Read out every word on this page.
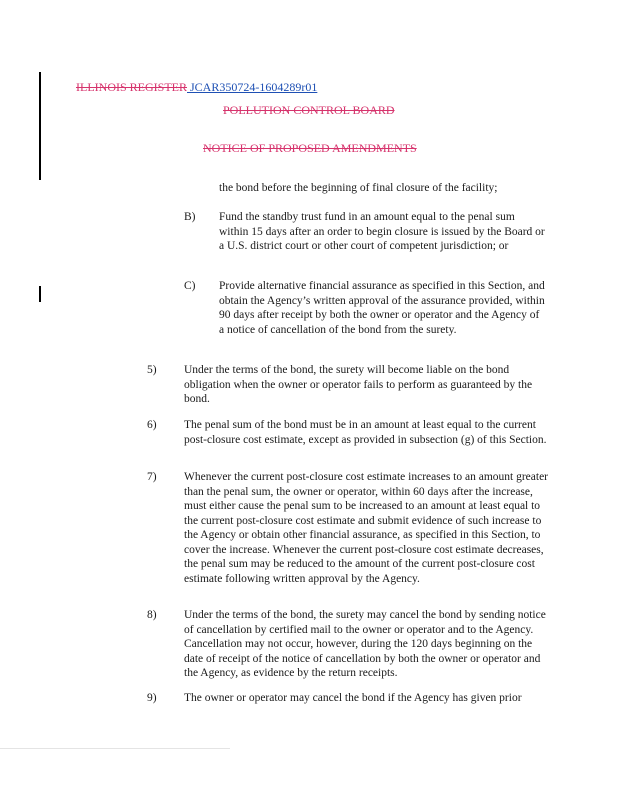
ILLINOIS REGISTER JCAR350724-1604289r01
POLLUTION CONTROL BOARD
NOTICE OF PROPOSED AMENDMENTS
the bond before the beginning of final closure of the facility;
B) Fund the standby trust fund in an amount equal to the penal sum within 15 days after an order to begin closure is issued by the Board or a U.S. district court or other court of competent jurisdiction; or
C) Provide alternative financial assurance as specified in this Section, and obtain the Agency’s written approval of the assurance provided, within 90 days after receipt by both the owner or operator and the Agency of a notice of cancellation of the bond from the surety.
5) Under the terms of the bond, the surety will become liable on the bond obligation when the owner or operator fails to perform as guaranteed by the bond.
6) The penal sum of the bond must be in an amount at least equal to the current post-closure cost estimate, except as provided in subsection (g) of this Section.
7) Whenever the current post-closure cost estimate increases to an amount greater than the penal sum, the owner or operator, within 60 days after the increase, must either cause the penal sum to be increased to an amount at least equal to the current post-closure cost estimate and submit evidence of such increase to the Agency or obtain other financial assurance, as specified in this Section, to cover the increase. Whenever the current post-closure cost estimate decreases, the penal sum may be reduced to the amount of the current post-closure cost estimate following written approval by the Agency.
8) Under the terms of the bond, the surety may cancel the bond by sending notice of cancellation by certified mail to the owner or operator and to the Agency. Cancellation may not occur, however, during the 120 days beginning on the date of receipt of the notice of cancellation by both the owner or operator and the Agency, as evidence by the return receipts.
9) The owner or operator may cancel the bond if the Agency has given prior
